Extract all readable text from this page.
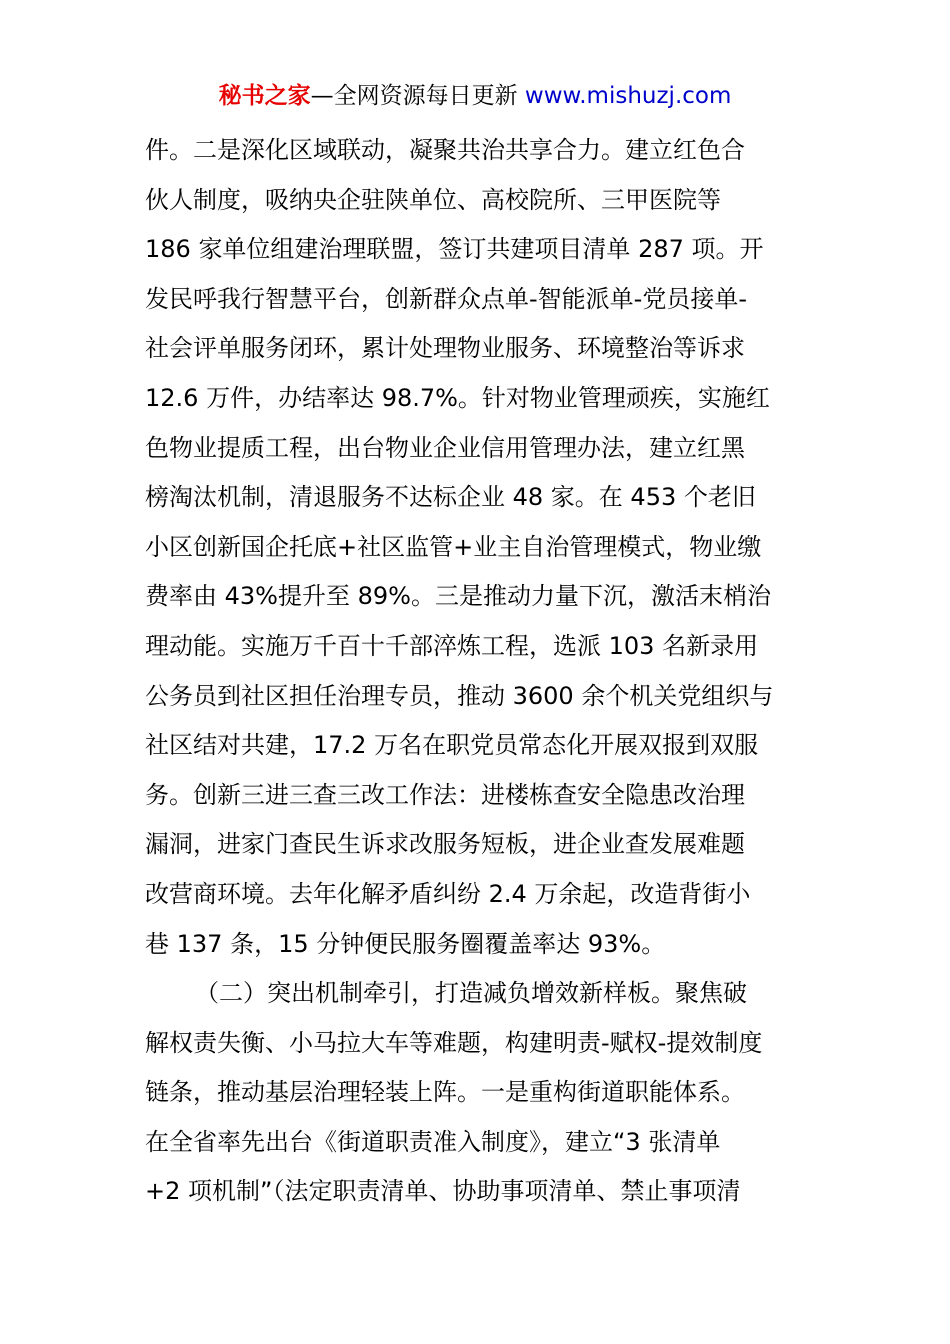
秘书之家—全网资源每日更新 www.mishuzj.com
件。二是深化区域联动，凝聚共治共享合力。建立红色合
伙人制度，吸纳央企驻陕单位、高校院所、三甲医院等
186 家单位组建治理联盟，签订共建项目清单 287 项。开
发民呼我行智慧平台，创新群众点单-智能派单-党员接单-
社会评单服务闭环，累计处理物业服务、环境整治等诉求
12.6 万件，办结率达 98.7%。针对物业管理顽疾，实施红
色物业提质工程，出台物业企业信用管理办法，建立红黑
榜淘汰机制，清退服务不达标企业 48 家。在 453 个老旧
小区创新国企托底+社区监管+业主自治管理模式，物业缴
费率由 43%提升至 89%。三是推动力量下沉，激活末梢治
理动能。实施万千百十千部淬炼工程，选派 103 名新录用
公务员到社区担任治理专员，推动 3600 余个机关党组织与
社区结对共建，17.2 万名在职党员常态化开展双报到双服
务。创新三进三查三改工作法：进楼栋查安全隐患改治理
漏洞，进家门查民生诉求改服务短板，进企业查发展难题
改营商环境。去年化解矛盾纠纷 2.4 万余起，改造背街小
巷 137 条，15 分钟便民服务圈覆盖率达 93%。
（二）突出机制牵引，打造减负增效新样板。聚焦破
解权责失衡、小马拉大车等难题，构建明责-赋权-提效制度
链条，推动基层治理轻装上阵。一是重构街道职能体系。
在全省率先出台《街道职责准入制度》，建立“3 张清单
+2 项机制”（法定职责清单、协助事项清单、禁止事项清
